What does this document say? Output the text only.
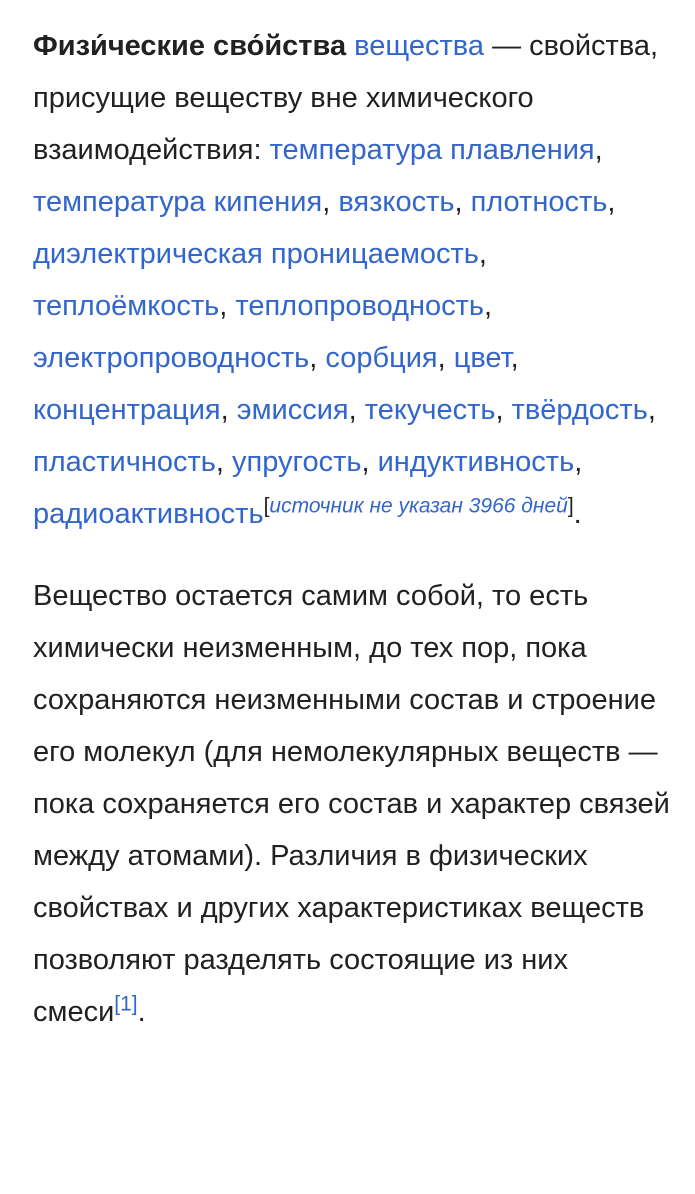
Физи́ческие сво́йства вещества — свойства, присущие веществу вне химического взаимодействия: температура плавления, температура кипения, вязкость, плотность, диэлектрическая проницаемость, теплоёмкость, теплопроводность, электропроводность, сорбция, цвет, концентрация, эмиссия, текучесть, твёрдость, пластичность, упругость, индуктивность, радиоактивность[источник не указан 3966 дней].

Вещество остается самим собой, то есть химически неизменным, до тех пор, пока сохраняются неизменными состав и строение его молекул (для немолекулярных веществ — пока сохраняется его состав и характер связей между атомами). Различия в физических свойствах и других характеристиках веществ позволяют разделять состоящие из них смеси[1].
